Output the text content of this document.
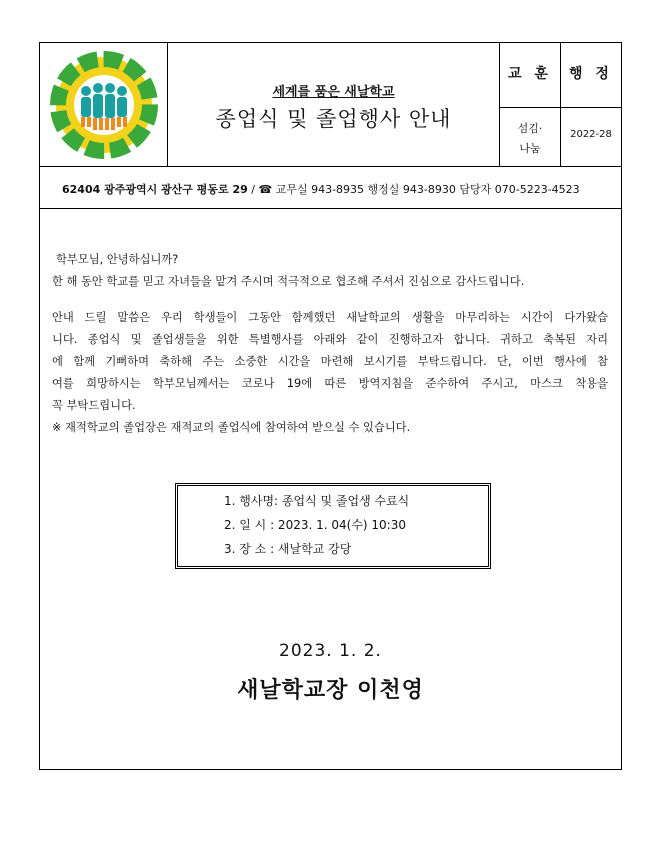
세계를 품은 새날학교
종업식 및 졸업행사 안내
교 훈
섬김·
나눔
행 정
2022-28
62404 광주광역시 광산구 평동로 29 / ☎ 교무실 943-8935 행정실 943-8930 담당자 070-5223-4523

학부모님, 안녕하십니까?

한 해 동안 학교를 믿고 자녀들을 맡겨 주시며 적극적으로 협조해 주셔서 진심으로 감사드립니다.

안내 드릴 말씀은 우리 학생들이 그동안 함께했던 새날학교의 생활을 마무리하는 시간이 다가왔습

니다. 종업식 및 졸업생들을 위한 특별행사를 아래와 같이 진행하고자 합니다. 귀하고 축복된 자리

에 함께 기뻐하며 축하해 주는 소중한 시간을 마련해 보시기를 부탁드립니다. 단, 이번 행사에 참

여를 희망하시는 학부모님께서는 코로나 19에 따른 방역지침을 준수하여 주시고, 마스크 착용을

꼭 부탁드립니다.

※ 재적학교의 졸업장은 재적교의 졸업식에 참여하여 받으실 수 있습니다.

1. 행사명: 종업식 및 졸업생 수료식
2. 일 시 : 2023. 1. 04(수) 10:30
3. 장 소 : 새날학교 강당
2023. 1. 2.
새날학교장 이천영
